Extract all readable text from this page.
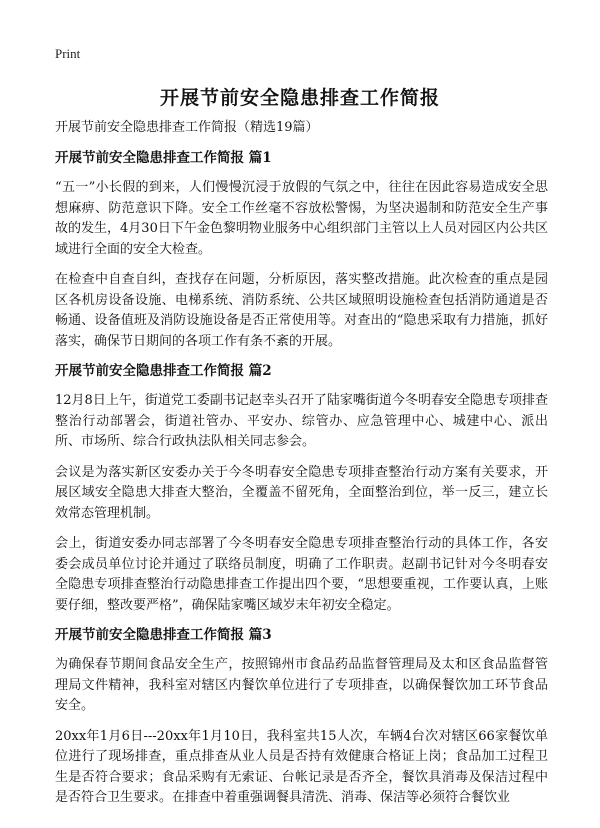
Print
开展节前安全隐患排查工作简报
开展节前安全隐患排查工作简报（精选19篇）
开展节前安全隐患排查工作简报 篇1

“五一”小长假的到来，人们慢慢沉浸于放假的气氛之中，往往在因此容易造成安全思想麻痹、防范意识下降。安全工作丝毫不容放松警惕，为坚决遏制和防范安全生产事故的发生，4月30日下午金色黎明物业服务中心组织部门主管以上人员对园区内公共区域进行全面的安全大检查。

在检查中自查自纠，查找存在问题，分析原因，落实整改措施。此次检查的重点是园区各机房设备设施、电梯系统、消防系统、公共区域照明设施检查包括消防通道是否畅通、设备值班及消防设施设备是否正常使用等。对查出的“隐患采取有力措施，抓好落实，确保节日期间的各项工作有条不紊的开展。

开展节前安全隐患排查工作简报 篇2

12月8日上午，街道党工委副书记赵幸头召开了陆家嘴街道今冬明春安全隐患专项排查整治行动部署会，街道社管办、平安办、综管办、应急管理中心、城建中心、派出所、市场所、综合行政执法队相关同志参会。

会议是为落实新区安委办关于今冬明春安全隐患专项排查整治行动方案有关要求，开展区域安全隐患大排查大整治，全覆盖不留死角，全面整治到位，举一反三，建立长效常态管理机制。

会上，街道安委办同志部署了今冬明春安全隐患专项排查整治行动的具体工作，各安委会成员单位讨论并通过了联络员制度，明确了工作职责。赵副书记针对今冬明春安全隐患专项排查整治行动隐患排查工作提出四个要，“思想要重视，工作要认真，上账要仔细，整改要严格”，确保陆家嘴区域岁末年初安全稳定。

开展节前安全隐患排查工作简报 篇3

为确保春节期间食品安全生产，按照锦州市食品药品监督管理局及太和区食品监督管理局文件精神，我科室对辖区内餐饮单位进行了专项排查，以确保餐饮加工环节食品安全。

20xx年1月6日---20xx年1月10日，我科室共15人次，车辆4台次对辖区66家餐饮单位进行了现场排查，重点排查从业人员是否持有效健康合格证上岗；食品加工过程卫生是否符合要求；食品采购有无索证、台帐记录是否齐全，餐饮具消毒及保洁过程中是否符合卫生要求。在排查中着重强调餐具清洗、消毒、保洁等必须符合餐饮业
